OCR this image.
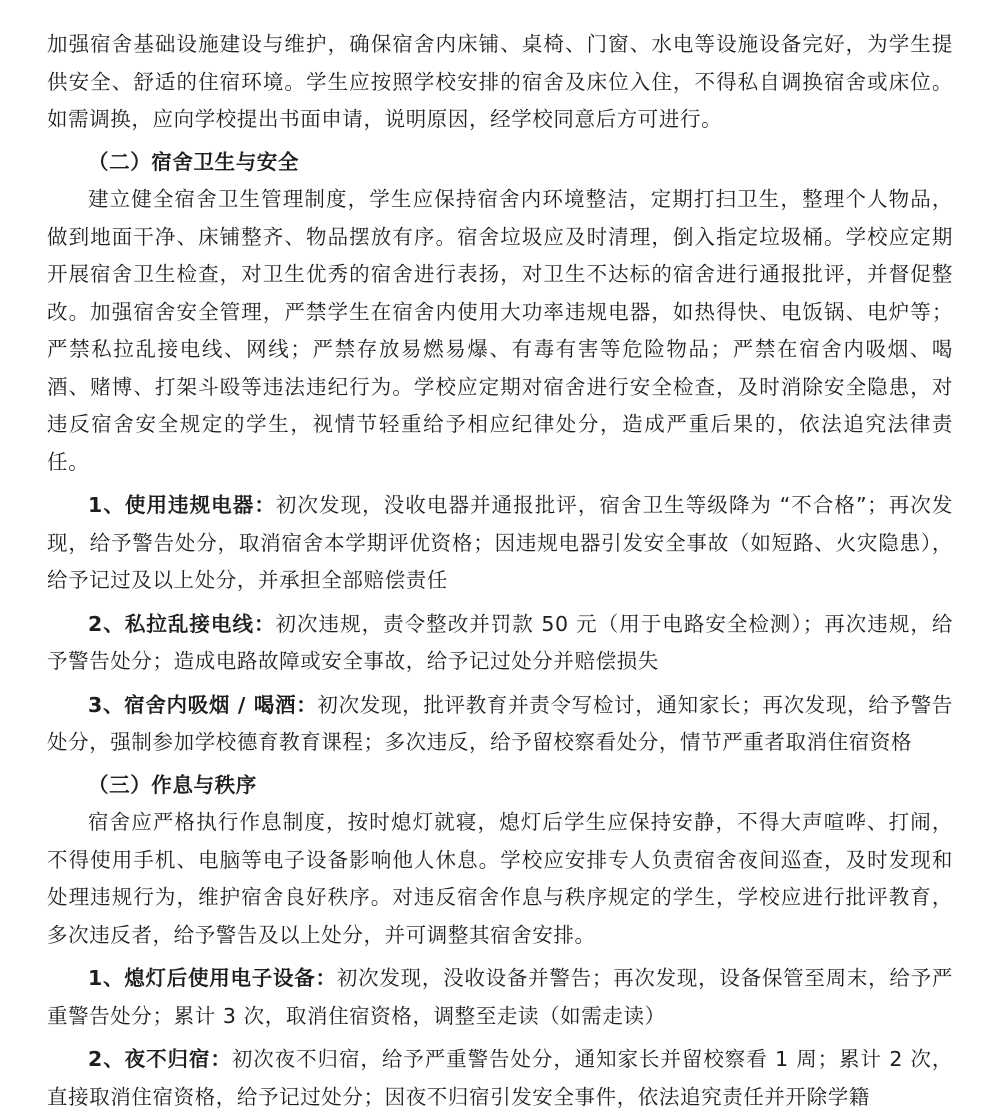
加强宿舍基础设施建设与维护，确保宿舍内床铺、桌椅、门窗、水电等设施设备完好，为学生提供安全、舒适的住宿环境。学生应按照学校安排的宿舍及床位入住，不得私自调换宿舍或床位。如需调换，应向学校提出书面申请，说明原因，经学校同意后方可进行。

（二）宿舍卫生与安全

建立健全宿舍卫生管理制度，学生应保持宿舍内环境整洁，定期打扫卫生，整理个人物品，做到地面干净、床铺整齐、物品摆放有序。宿舍垃圾应及时清理，倒入指定垃圾桶。学校应定期开展宿舍卫生检查，对卫生优秀的宿舍进行表扬，对卫生不达标的宿舍进行通报批评，并督促整改。加强宿舍安全管理，严禁学生在宿舍内使用大功率违规电器，如热得快、电饭锅、电炉等；严禁私拉乱接电线、网线；严禁存放易燃易爆、有毒有害等危险物品；严禁在宿舍内吸烟、喝酒、赌博、打架斗殴等违法违纪行为。学校应定期对宿舍进行安全检查，及时消除安全隐患，对违反宿舍安全规定的学生，视情节轻重给予相应纪律处分，造成严重后果的，依法追究法律责任。

1、使用违规电器：初次发现，没收电器并通报批评，宿舍卫生等级降为 “不合格”；再次发现，给予警告处分，取消宿舍本学期评优资格；因违规电器引发安全事故（如短路、火灾隐患），给予记过及以上处分，并承担全部赔偿责任

2、私拉乱接电线：初次违规，责令整改并罚款 50 元（用于电路安全检测）；再次违规，给予警告处分；造成电路故障或安全事故，给予记过处分并赔偿损失

3、宿舍内吸烟 / 喝酒：初次发现，批评教育并责令写检讨，通知家长；再次发现，给予警告处分，强制参加学校德育教育课程；多次违反，给予留校察看处分，情节严重者取消住宿资格

（三）作息与秩序

宿舍应严格执行作息制度，按时熄灯就寝，熄灯后学生应保持安静，不得大声喧哗、打闹，不得使用手机、电脑等电子设备影响他人休息。学校应安排专人负责宿舍夜间巡查，及时发现和处理违规行为，维护宿舍良好秩序。对违反宿舍作息与秩序规定的学生，学校应进行批评教育，多次违反者，给予警告及以上处分，并可调整其宿舍安排。

1、熄灯后使用电子设备：初次发现，没收设备并警告；再次发现，设备保管至周末，给予严重警告处分；累计 3 次，取消住宿资格，调整至走读（如需走读）

2、夜不归宿：初次夜不归宿，给予严重警告处分，通知家长并留校察看 1 周；累计 2 次，直接取消住宿资格，给予记过处分；因夜不归宿引发安全事件，依法追究责任并开除学籍
